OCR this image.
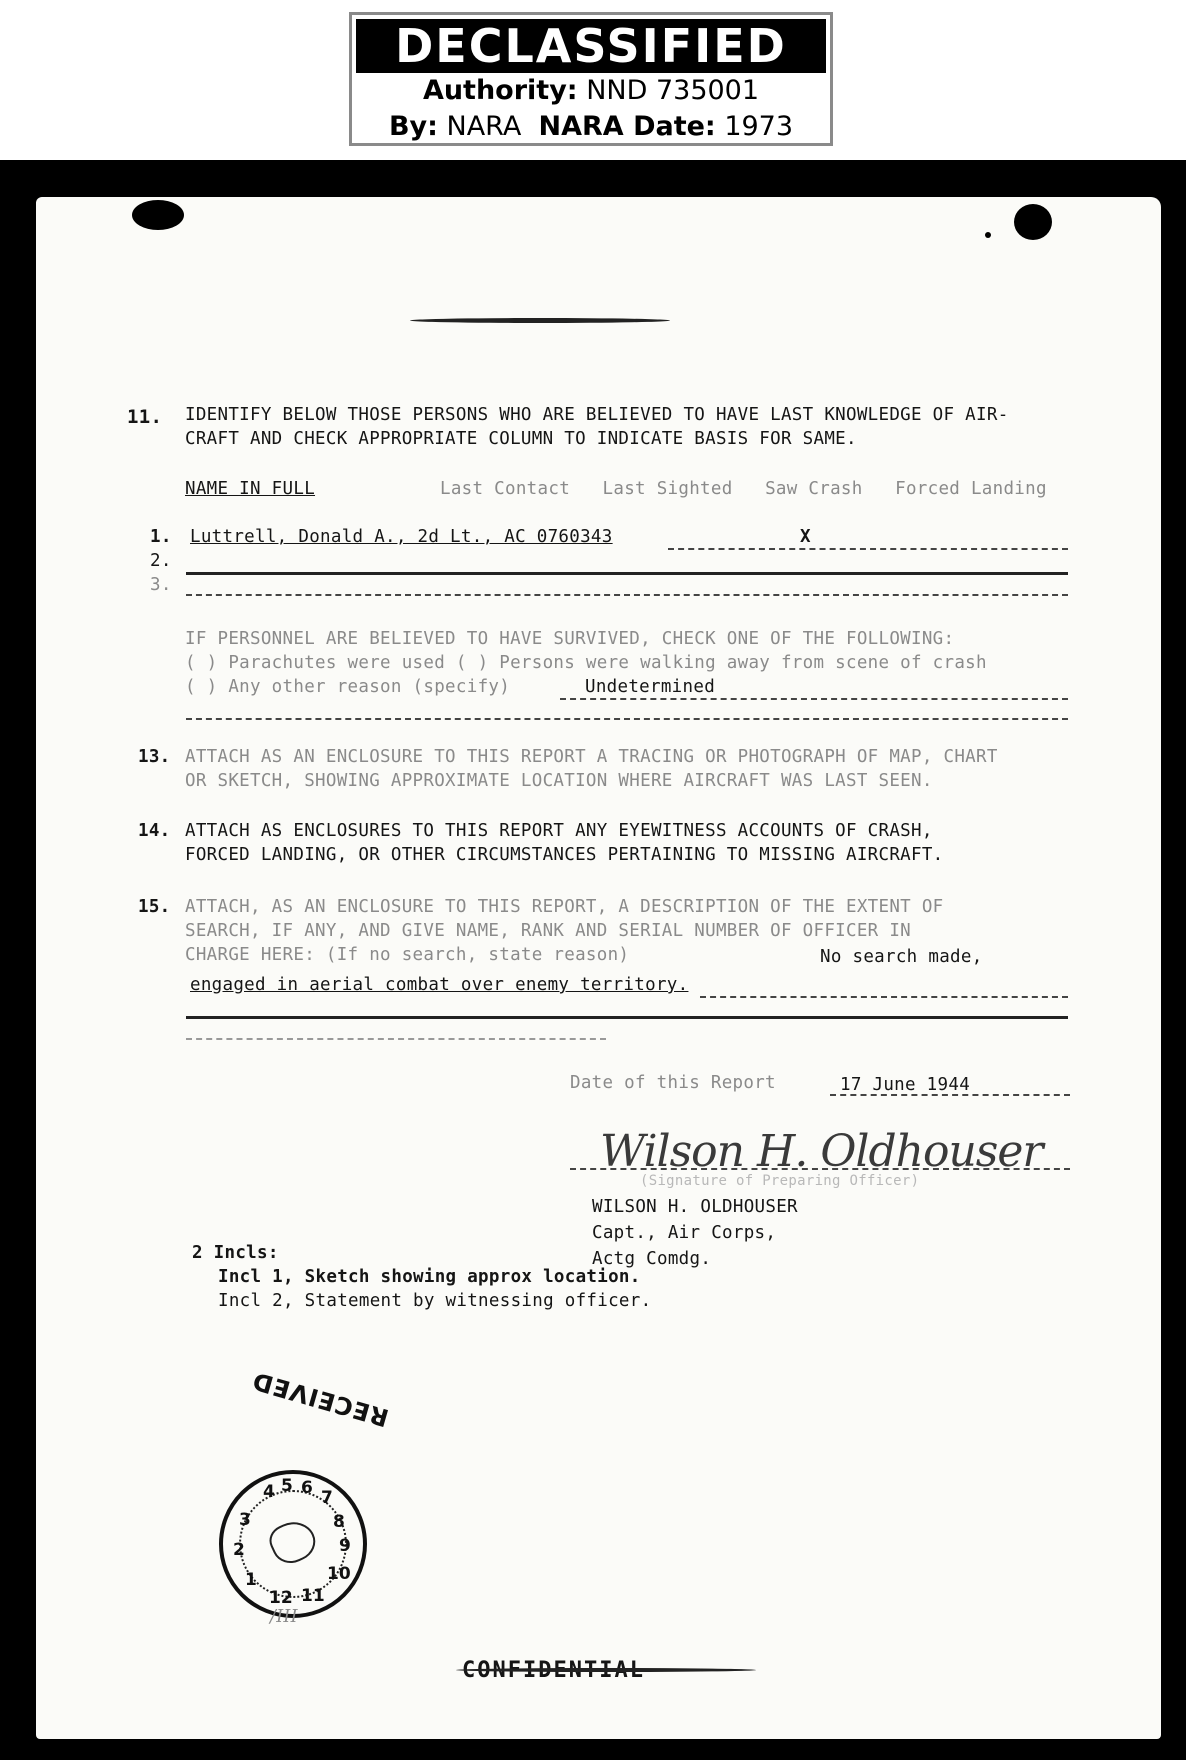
DECLASSIFIED
Authority: NND 735001
By: NARA NARA Date: 1973
11. IDENTIFY BELOW THOSE PERSONS WHO ARE BELIEVED TO HAVE LAST KNOWLEDGE OF AIR-
CRAFT AND CHECK APPROPRIATE COLUMN TO INDICATE BASIS FOR SAME.
NAME IN FULL	Last Contact   Last Sighted   Saw Crash   Forced Landing
1. Luttrell, Donald A., 2d Lt., AC 0760343	X
2.
3.
IF PERSONNEL ARE BELIEVED TO HAVE SURVIVED, CHECK ONE OF THE FOLLOWING:
( ) Parachutes were used ( ) Persons were walking away from scene of crash
( ) Any other reason (specify)	Undetermined
13. ATTACH AS AN ENCLOSURE TO THIS REPORT A TRACING OR PHOTOGRAPH OF MAP, CHART
OR SKETCH, SHOWING APPROXIMATE LOCATION WHERE AIRCRAFT WAS LAST SEEN.
14. ATTACH AS ENCLOSURES TO THIS REPORT ANY EYEWITNESS ACCOUNTS OF CRASH,
FORCED LANDING, OR OTHER CIRCUMSTANCES PERTAINING TO MISSING AIRCRAFT.
15. ATTACH, AS AN ENCLOSURE TO THIS REPORT, A DESCRIPTION OF THE EXTENT OF
SEARCH, IF ANY, AND GIVE NAME, RANK AND SERIAL NUMBER OF OFFICER IN
CHARGE HERE: (If no search, state reason)	No search made,
engaged in aerial combat over enemy territory.
Date of this Report	17 June 1944
Wilson H. Oldhouser
(Signature of Preparing Officer)
WILSON H. OLDHOUSER
Capt., Air Corps,
Actg Comdg.
2 Incls:
Incl 1, Sketch showing approx location.
Incl 2, Statement by witnessing officer.
RECEIVED
4 5 6 7
8
9
10
11
12
1
2
3
/III
